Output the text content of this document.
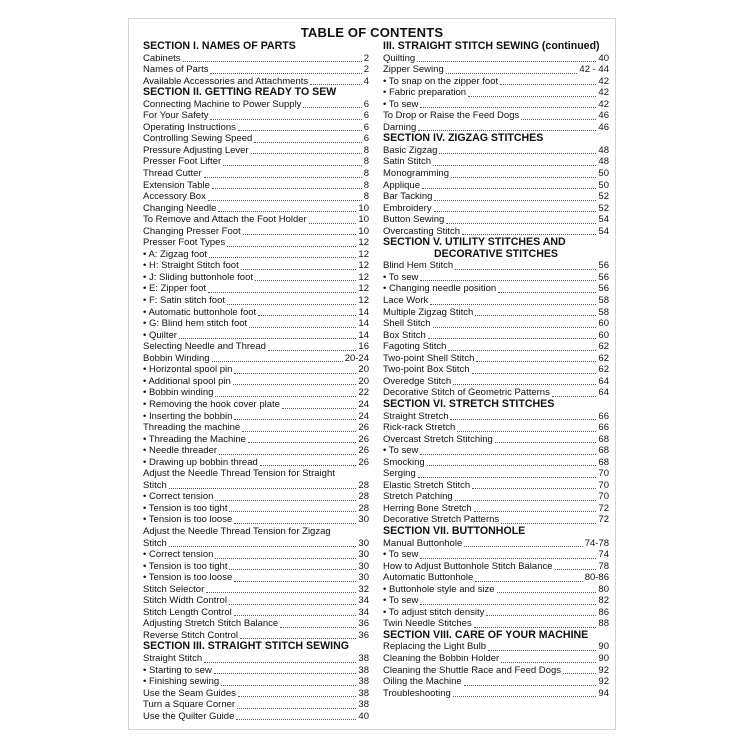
TABLE OF CONTENTS
SECTION I. NAMES OF PARTS
Cabinets	2
Names of Parts	2
Available Accessories and Attachments	4
SECTION II. GETTING READY TO SEW
Connecting Machine to Power Supply	6
For Your Safety	6
Operating Instructions	6
Controlling Sewing Speed	6
Pressure Adjusting Lever	8
Presser Foot Lifter	8
Thread Cutter	8
Extension Table	8
Accessory Box	8
Changing Needle	10
To Remove and Attach the Foot Holder	10
Changing Presser Foot	10
Presser Foot Types	12
• A: Zigzag foot	12
• H: Straight Stitch foot	12
• J: Sliding buttonhole foot	12
• E: Zipper foot	12
• F: Satin stitch foot	12
• Automatic buttonhole foot	14
• G: Blind hem stitch foot	14
• Quilter	14
Selecting Needle and Thread	16
Bobbin Winding	20-24
• Horizontal spool pin	20
• Additional spool pin	20
• Bobbin winding	22
• Removing the hook cover plate	24
• Inserting the bobbin	24
Threading the machine	26
• Threading the Machine	26
• Needle threader	26
• Drawing up bobbin thread	26
Adjust the Needle Thread Tension for Straight
Stitch	28
• Correct tension	28
• Tension is too tight	28
• Tension is too loose	30
Adjust the Needle Thread Tension for Zigzag
Stitch	30
• Correct tension	30
• Tension is too tight	30
• Tension is too loose	30
Stitch Selector	32
Stitch Width Control	34
Stitch Length Control	34
Adjusting Stretch Stitch Balance	36
Reverse Stitch Control	36
SECTION III. STRAIGHT STITCH SEWING
Straight Stitch	38
• Starting to sew	38
• Finishing sewing	38
Use the Seam Guides	38
Turn a Square Corner	38
Use the Quilter Guide	40
III. STRAIGHT STITCH SEWING (continued)
Quilting	40
Zipper Sewing	42 - 44
• To snap on the zipper foot	42
• Fabric preparation	42
• To sew	42
To Drop or Raise the Feed Dogs	46
Darning	46
SECTION IV. ZIGZAG STITCHES
Basic Zigzag	48
Satin Stitch	48
Monogramming	50
Applique	50
Bar Tacking	52
Embroidery	52
Button Sewing	54
Overcasting Stitch	54
SECTION V. UTILITY STITCHES AND
DECORATIVE STITCHES
Blind Hem Stitch	56
• To sew	56
• Changing needle position	56
Lace Work	58
Multiple Zigzag Stitch	58
Shell Stitch	60
Box Stitch	60
Fagoting Stitch	62
Two-point Shell Stitch	62
Two-point Box Stitch	62
Overedge Stitch	64
Decorative Stitch of Geometric Patterns	64
SECTION VI. STRETCH STITCHES
Straight Stretch	66
Rick-rack Stretch	66
Overcast Stretch Stitching	68
• To sew	68
Smocking	68
Serging	70
Elastic Stretch Stitch	70
Stretch Patching	70
Herring Bone Stretch	72
Decorative Stretch Patterns	72
SECTION VII. BUTTONHOLE
Manual Buttonhole	74-78
• To sew	74
How to Adjust Buttonhole Stitch Balance	78
Automatic Buttonhole	80-86
• Buttonhole style and size	80
• To sew	82
• To adjust stitch density	86
Twin Needle Stitches	88
SECTION VIII. CARE OF YOUR MACHINE
Replacing the Light Bulb	90
Cleaning the Bobbin Holder	90
Cleaning the Shuttle Race and Feed Dogs	92
Oiling the Machine	92
Troubleshooting	94
